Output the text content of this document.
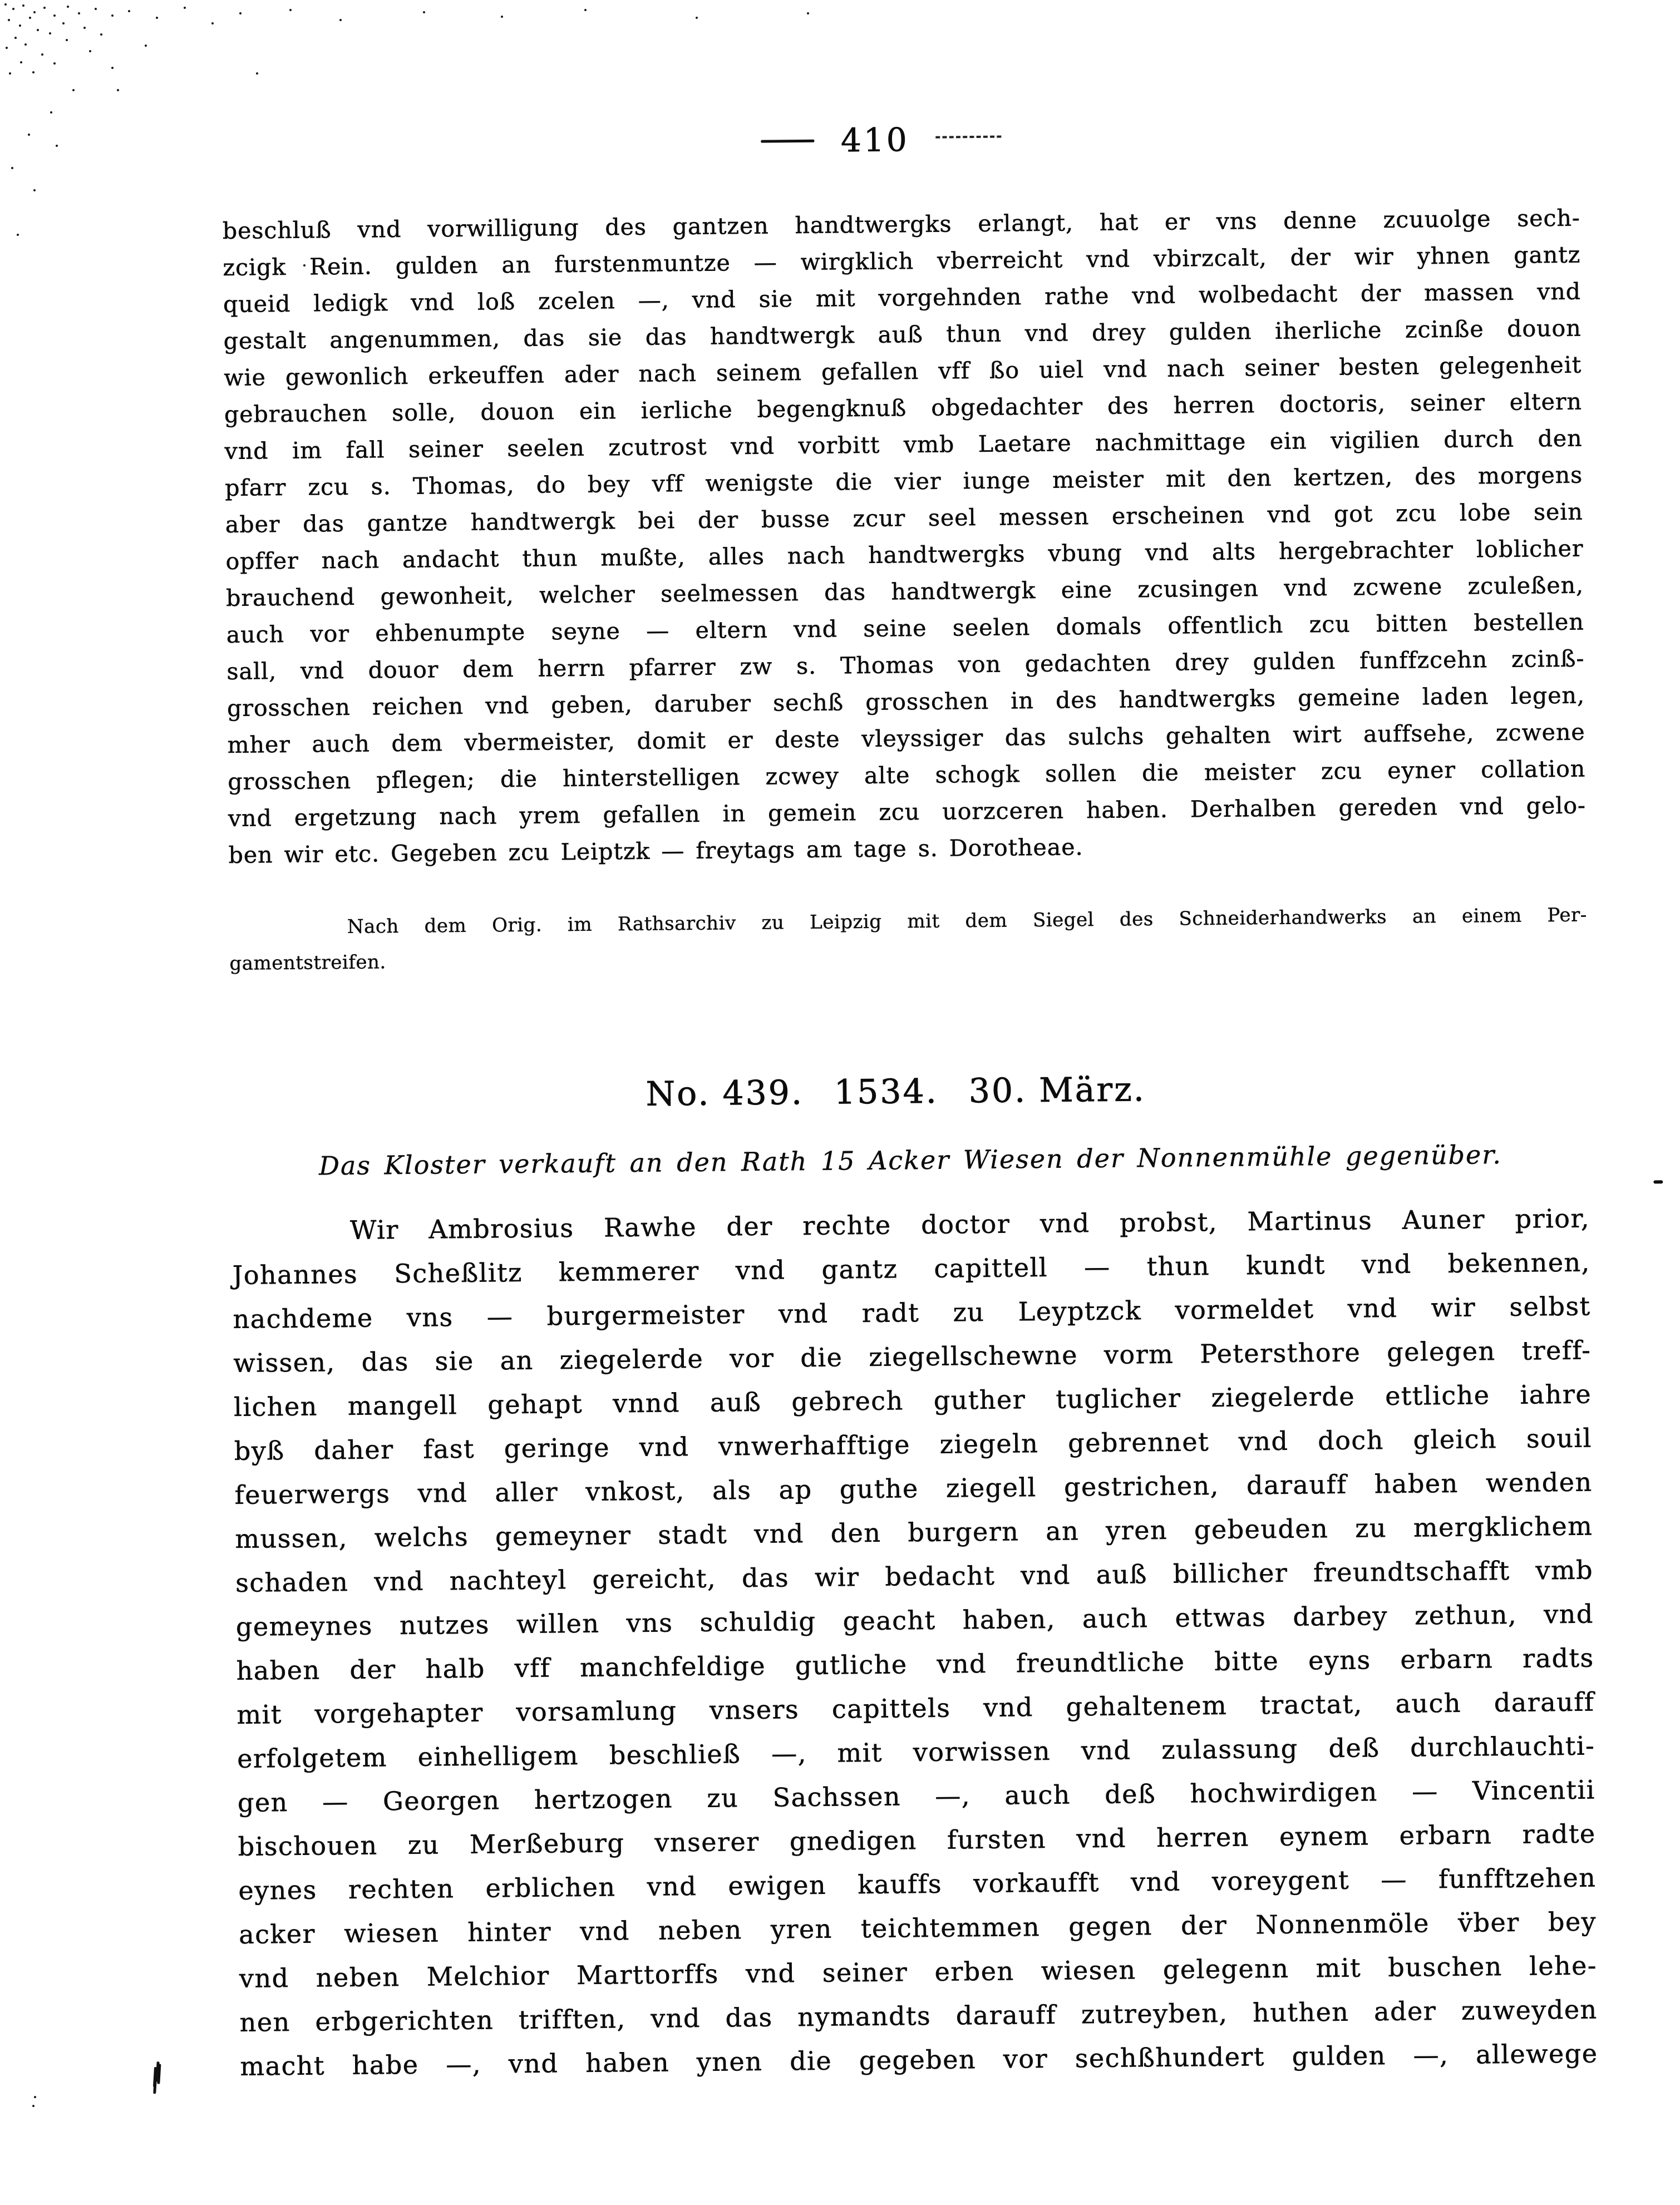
410
beschluß vnd vorwilligung des gantzen handtwergks erlangt, hat er vns denne zcuuolge sech-
zcigk Rein. gulden an furstenmuntze — wirgklich vberreicht vnd vbirzcalt, der wir yhnen gantz
queid ledigk vnd loß zcelen —, vnd sie mit vorgehnden rathe vnd wolbedacht der massen vnd
gestalt angenummen, das sie das handtwergk auß thun vnd drey gulden iherliche zcinße douon
wie gewonlich erkeuffen ader nach seinem gefallen vff ßo uiel vnd nach seiner besten gelegenheit
gebrauchen solle, douon ein ierliche begengknuß obgedachter des herren doctoris, seiner eltern
vnd im fall seiner seelen zcutrost vnd vorbitt vmb Laetare nachmittage ein vigilien durch den
pfarr zcu s. Thomas, do bey vff wenigste die vier iunge meister mit den kertzen, des morgens
aber das gantze handtwergk bei der busse zcur seel messen erscheinen vnd got zcu lobe sein
opffer nach andacht thun mußte, alles nach handtwergks vbung vnd alts hergebrachter loblicher
brauchend gewonheit, welcher seelmessen das handtwergk eine zcusingen vnd zcwene zculeßen,
auch vor ehbenumpte seyne — eltern vnd seine seelen domals offentlich zcu bitten bestellen
sall, vnd douor dem herrn pfarrer zw s. Thomas von gedachten drey gulden funffzcehn zcinß-
grosschen reichen vnd geben, daruber sechß grosschen in des handtwergks gemeine laden legen,
mher auch dem vbermeister, domit er deste vleyssiger das sulchs gehalten wirt auffsehe, zcwene
grosschen pflegen; die hinterstelligen zcwey alte schogk sollen die meister zcu eyner collation
vnd ergetzung nach yrem gefallen in gemein zcu uorzceren haben. Derhalben gereden vnd gelo-
ben wir etc. Gegeben zcu Leiptzk — freytags am tage s. Dorotheae.
Nach dem Orig. im Rathsarchiv zu Leipzig mit dem Siegel des Schneiderhandwerks an einem Per-
gamentstreifen.
No. 439. 1534. 30. März.
Das Kloster verkauft an den Rath 15 Acker Wiesen der Nonnenmühle gegenüber.
Wir Ambrosius Rawhe der rechte doctor vnd probst, Martinus Auner prior,
Johannes Scheßlitz kemmerer vnd gantz capittell — thun kundt vnd bekennen,
nachdeme vns — burgermeister vnd radt zu Leyptzck vormeldet vnd wir selbst
wissen, das sie an ziegelerde vor die ziegellschewne vorm Petersthore gelegen treff-
lichen mangell gehapt vnnd auß gebrech guther tuglicher ziegelerde ettliche iahre
byß daher fast geringe vnd vnwerhafftige ziegeln gebrennet vnd doch gleich souil
feuerwergs vnd aller vnkost, als ap guthe ziegell gestrichen, darauff haben wenden
mussen, welchs gemeyner stadt vnd den burgern an yren gebeuden zu mergklichem
schaden vnd nachteyl gereicht, das wir bedacht vnd auß billicher freundtschafft vmb
gemeynes nutzes willen vns schuldig geacht haben, auch ettwas darbey zethun, vnd
haben der halb vff manchfeldige gutliche vnd freundtliche bitte eyns erbarn radts
mit vorgehapter vorsamlung vnsers capittels vnd gehaltenem tractat, auch darauff
erfolgetem einhelligem beschließ —, mit vorwissen vnd zulassung deß durchlauchti-
gen — Georgen hertzogen zu Sachssen —, auch deß hochwirdigen — Vincentii
bischouen zu Merßeburg vnserer gnedigen fursten vnd herren eynem erbarn radte
eynes rechten erblichen vnd ewigen kauffs vorkaufft vnd voreygent — funfftzehen
acker wiesen hinter vnd neben yren teichtemmen gegen der Nonnenmöle v̈ber bey
vnd neben Melchior Marttorffs vnd seiner erben wiesen gelegenn mit buschen lehe-
nen erbgerichten trifften, vnd das nymandts darauff zutreyben, huthen ader zuweyden
macht habe —, vnd haben ynen die gegeben vor sechßhundert gulden —, allewege
